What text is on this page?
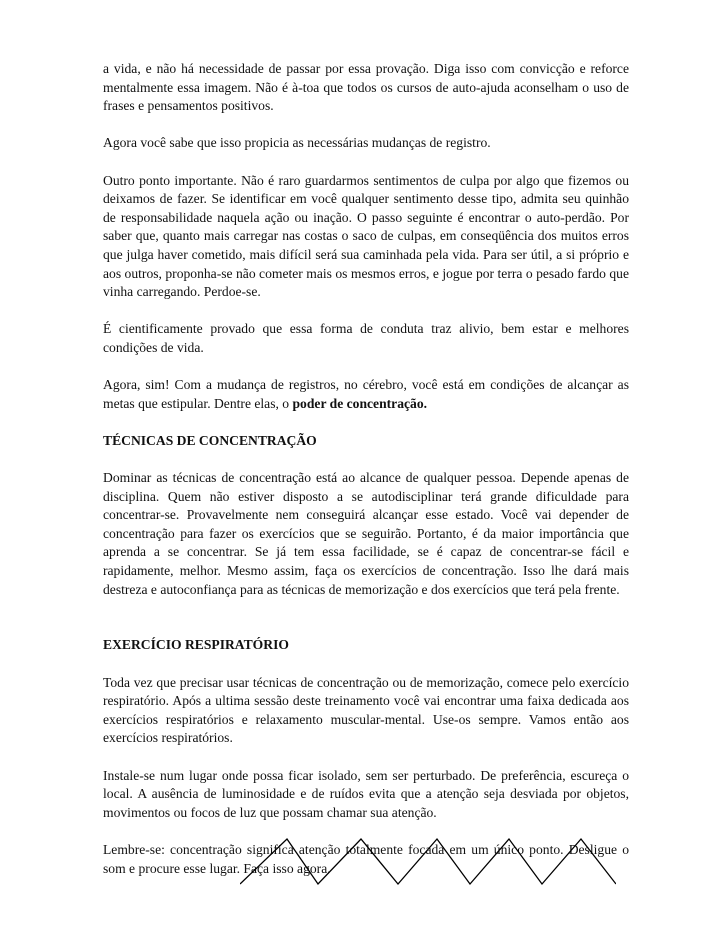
a vida, e não há necessidade de passar por essa provação. Diga isso com convicção e reforce mentalmente essa imagem. Não é à-toa que todos os cursos de auto-ajuda aconselham o uso de frases e pensamentos positivos.

Agora você sabe que isso propicia as necessárias mudanças de registro.

Outro ponto importante. Não é raro guardarmos sentimentos de culpa por algo que fizemos ou deixamos de fazer. Se identificar em você qualquer sentimento desse tipo, admita seu quinhão de responsabilidade naquela ação ou inação. O passo seguinte é encontrar o auto-perdão. Por saber que, quanto mais carregar nas costas o saco de culpas, em conseqüência dos muitos erros que julga haver cometido, mais difícil será sua caminhada pela vida. Para ser útil, a si próprio e aos outros, proponha-se não cometer mais os mesmos erros, e jogue por terra o pesado fardo que vinha carregando. Perdoe-se.

É cientificamente provado que essa forma de conduta traz alivio, bem estar e melhores condições de vida.

Agora, sim! Com a mudança de registros, no cérebro, você está em condições de alcançar as metas que estipular. Dentre elas, o poder de concentração.

TÉCNICAS DE CONCENTRAÇÃO

Dominar as técnicas de concentração está ao alcance de qualquer pessoa. Depende apenas de disciplina. Quem não estiver disposto a se autodisciplinar terá grande dificuldade para concentrar-se. Provavelmente nem conseguirá alcançar esse estado. Você vai depender de concentração para fazer os exercícios que se seguirão. Portanto, é da maior importância que aprenda a se concentrar. Se já tem essa facilidade, se é capaz de concentrar-se fácil e rapidamente, melhor. Mesmo assim, faça os exercícios de concentração. Isso lhe dará mais destreza e autoconfiança para as técnicas de memorização e dos exercícios que terá pela frente.

EXERCÍCIO RESPIRATÓRIO

Toda vez que precisar usar técnicas de concentração ou de memorização, comece pelo exercício respiratório. Após a ultima sessão deste treinamento você vai encontrar uma faixa dedicada aos exercícios respiratórios e relaxamento muscular-mental. Use-os sempre. Vamos então aos exercícios respiratórios.

Instale-se num lugar onde possa ficar isolado, sem ser perturbado. De preferência, escureça o local. A ausência de luminosidade e de ruídos evita que a atenção seja desviada por objetos, movimentos ou focos de luz que possam chamar sua atenção.

Lembre-se: concentração significa atenção totalmente focada em um único ponto. Desligue o som e procure esse lugar. Faça isso agora.
